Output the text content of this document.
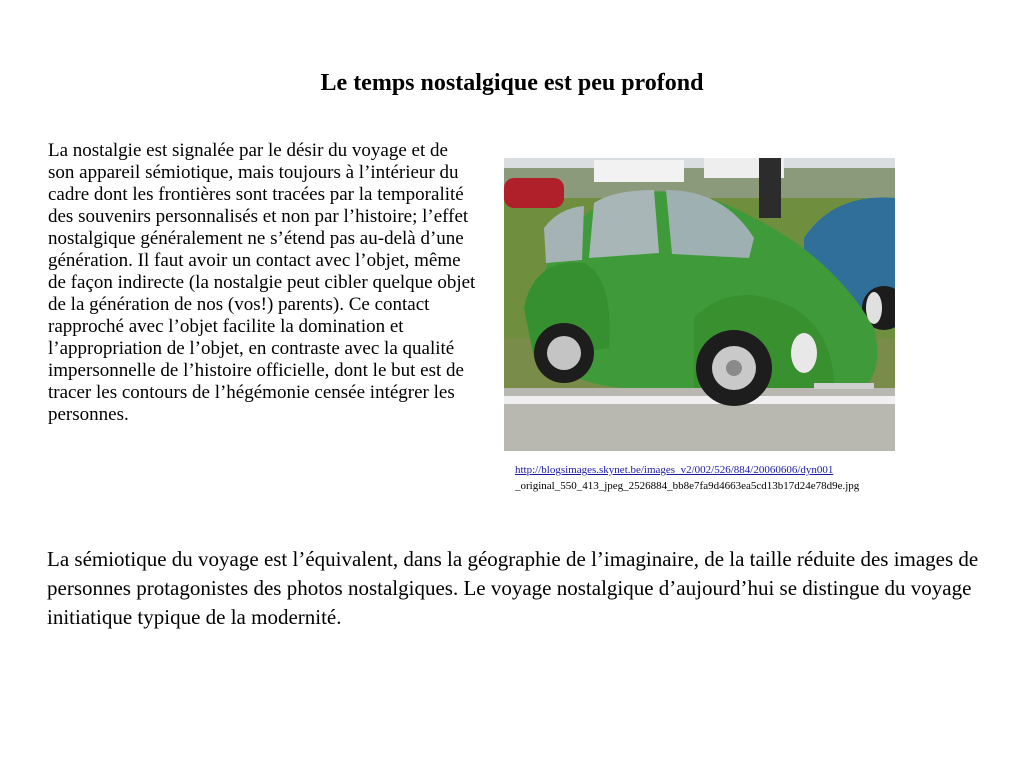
Le temps nostalgique est peu profond

La nostalgie est signalée par le désir du voyage et de son appareil sémiotique, mais toujours à l’intérieur du cadre dont les frontières sont tracées par la temporalité des souvenirs personnalisés et non par l’histoire; l’effet nostalgique généralement ne s’étend pas au-delà d’une génération. Il faut avoir un contact avec l’objet, même de façon indirecte (la nostalgie peut cibler quelque objet de la génération de nos (vos!) parents). Ce contact rapproché avec l’objet facilite la domination et l’appropriation de l’objet, en contraste avec la qualité impersonnelle de l’histoire officielle, dont le but est de tracer les contours de l’hégémonie censée intégrer les personnes.

http://blogsimages.skynet.be/images_v2/002/526/884/20060606/dyn001
_original_550_413_jpeg_2526884_bb8e7fa9d4663ea5cd13b17d24e78d9e.jpg

La sémiotique du voyage est l’équivalent, dans la géographie de l’imaginaire, de la taille réduite des images de personnes protagonistes des photos nostalgiques. Le voyage nostalgique d’aujourd’hui se distingue du voyage initiatique typique de la modernité.
